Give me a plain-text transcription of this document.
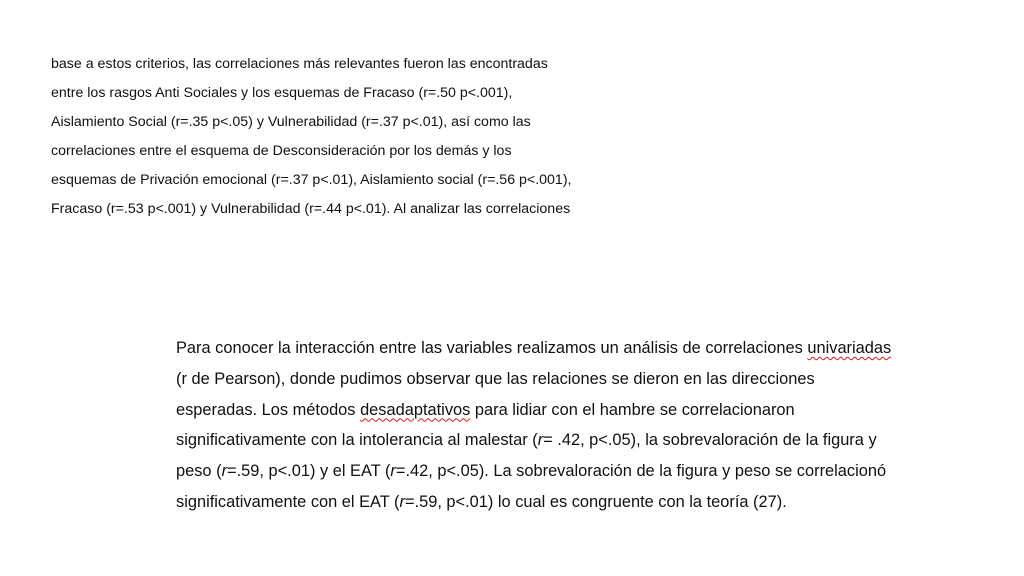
base a estos criterios, las correlaciones más relevantes fueron las encontradas
entre los rasgos Anti Sociales y los esquemas de Fracaso (r=.50 p<.001),
Aislamiento Social (r=.35 p<.05) y Vulnerabilidad (r=.37 p<.01), así como las
correlaciones entre el esquema de Desconsideración por los demás y los
esquemas de Privación emocional (r=.37 p<.01), Aislamiento social (r=.56 p<.001),
Fracaso (r=.53 p<.001) y Vulnerabilidad (r=.44 p<.01). Al analizar las correlaciones
Para conocer la interacción entre las variables realizamos un análisis de correlaciones univariadas
(r de Pearson), donde pudimos observar que las relaciones se dieron en las direcciones
esperadas. Los métodos desadaptativos para lidiar con el hambre se correlacionaron
significativamente con la intolerancia al malestar (r= .42, p<.05), la sobrevaloración de la figura y
peso (r=.59, p<.01) y el EAT (r=.42, p<.05). La sobrevaloración de la figura y peso se correlacionó
significativamente con el EAT (r=.59, p<.01) lo cual es congruente con la teoría (27).
